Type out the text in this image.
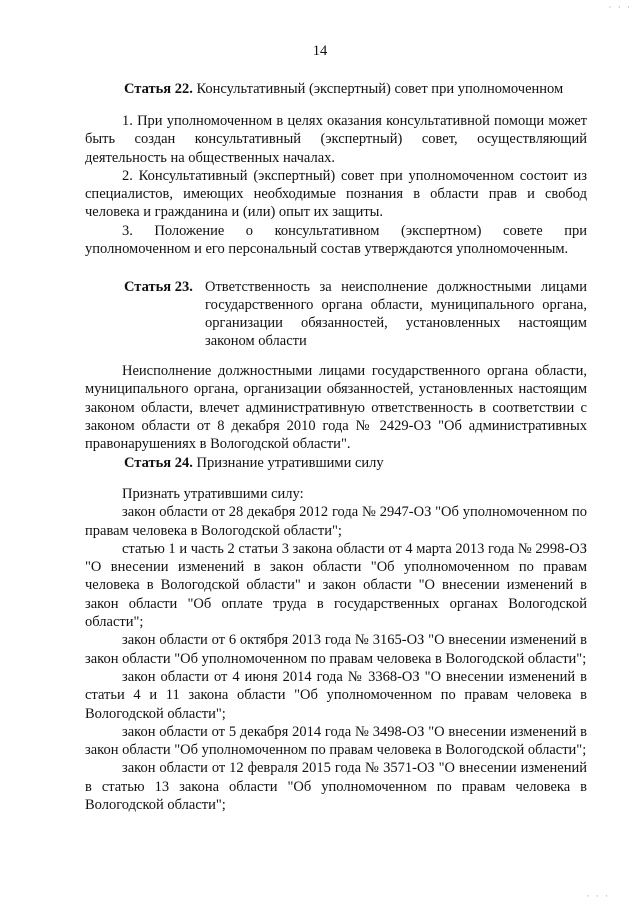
· · ·
14
Статья 22. Консультативный (экспертный) совет при уполномоченном

1. При уполномоченном в целях оказания консультативной помощи может быть создан консультативный (экспертный) совет, осуществляющий деятельность на общественных началах.

2. Консультативный (экспертный) совет при уполномоченном состоит из специалистов, имеющих необходимые познания в области прав и свобод человека и гражданина и (или) опыт их защиты.

3. Положение о консультативном (экспертном) совете при уполномоченном и его персональный состав утверждаются уполномоченным.

Статья 23. Ответственность за неисполнение должностными лицами государственного органа области, муниципального органа, организации обязанностей, установленных настоящим законом области

Неисполнение должностными лицами государственного органа области, муниципального органа, организации обязанностей, установленных настоящим законом области, влечет административную ответственность в соответствии с законом области от 8 декабря 2010 года № 2429-ОЗ "Об административных правонарушениях в Вологодской области".

Статья 24. Признание утратившими силу

Признать утратившими силу:

закон области от 28 декабря 2012 года № 2947-ОЗ "Об уполномоченном по правам человека в Вологодской области";

статью 1 и часть 2 статьи 3 закона области от 4 марта 2013 года № 2998-ОЗ "О внесении изменений в закон области "Об уполномоченном по правам человека в Вологодской области" и закон области "О внесении изменений в закон области "Об оплате труда в государственных органах Вологодской области";

закон области от 6 октября 2013 года № 3165-ОЗ "О внесении изменений в закон области "Об уполномоченном по правам человека в Вологодской области";

закон области от 4 июня 2014 года № 3368-ОЗ "О внесении изменений в статьи 4 и 11 закона области "Об уполномоченном по правам человека в Вологодской области";

закон области от 5 декабря 2014 года № 3498-ОЗ "О внесении изменений в закон области "Об уполномоченном по правам человека в Вологодской области";

закон области от 12 февраля 2015 года № 3571-ОЗ "О внесении изменений в статью 13 закона области "Об уполномоченном по правам человека в Вологодской области";

· · ·
